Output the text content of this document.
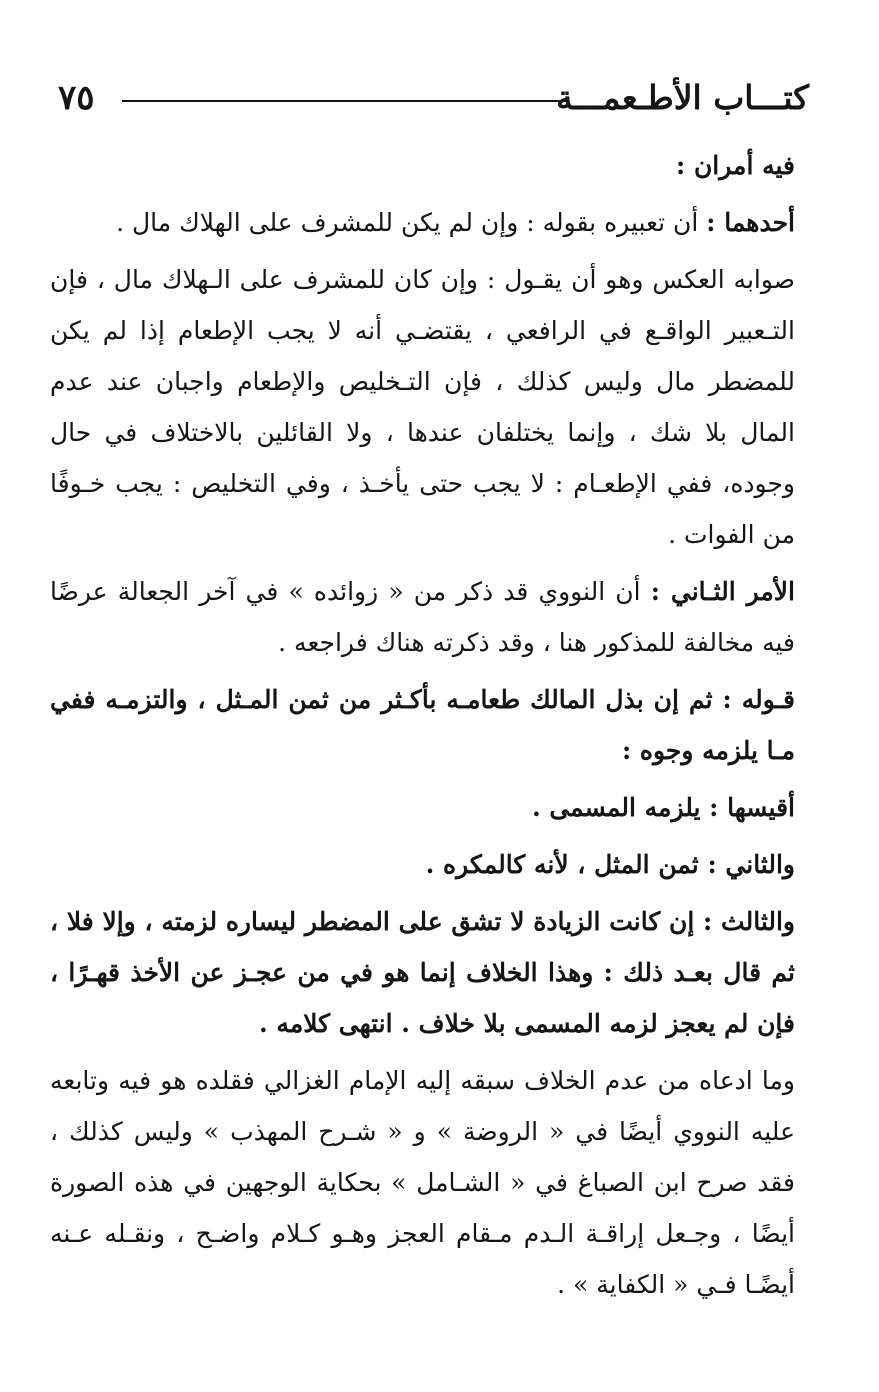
٧٥	كتـــاب الأطـعمـــة

فيه أمران :

أحدهما : أن تعبيره بقوله : وإن لم يكن للمشرف على الهلاك مال .

صوابه العكس وهو أن يقـول : وإن كان للمشرف على الـهلاك مال ، فإن التـعبير الواقـع في الرافعي ، يقتضـي أنه لا يجب الإطعام إذا لم يكن للمضطر مال وليس كذلك ، فإن التـخليص والإطعام واجبان عند عدم المال بلا شك ، وإنما يختلفان عندها ، ولا القائلين بالاختلاف في حال وجوده، ففي الإطعـام : لا يجب حتى يأخـذ ، وفي التخليص : يجب خـوفًا من الفوات .

الأمر الثـاني : أن النووي قد ذكر من « زوائده » في آخر الجعالة عرضًا فيه مخالفة للمذكور هنا ، وقد ذكرته هناك فراجعه .

قـوله : ثم إن بذل المالك طعامـه بأكـثر من ثمن المـثل ، والتزمـه ففي مـا يلزمه وجوه :

أقيسها : يلزمه المسمى .

والثاني : ثمن المثل ، لأنه كالمكره .

والثالث : إن كانت الزيادة لا تشق على المضطر ليساره لزمته ، وإلا فلا ، ثم قال بعـد ذلك : وهذا الخلاف إنما هو في من عجـز عن الأخذ قهـرًا ، فإن لم يعجز لزمه المسمى بلا خلاف . انتهى كلامه .

وما ادعاه من عدم الخلاف سبقه إليه الإمام الغزالي فقلده هو فيه وتابعه عليه النووي أيضًا في « الروضة » و « شـرح المهذب » وليس كذلك ، فقد صرح ابن الصباغ في « الشـامل » بحكاية الوجهين في هذه الصورة أيضًا ، وجـعل إراقـة الـدم مـقام العجز وهـو كـلام واضـح ، ونقـله عـنه أيضًـا فـي « الكفاية » .
